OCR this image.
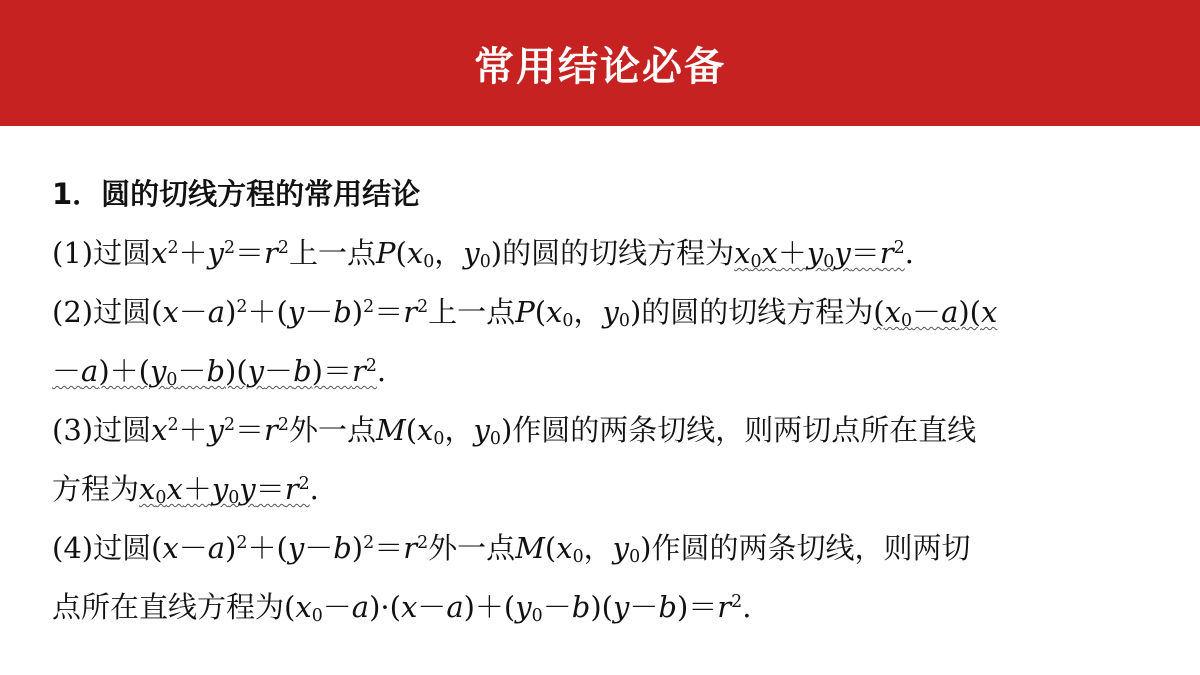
常用结论必备
1．圆的切线方程的常用结论
(1)过圆$x^2+y^2=r^2$上一点$P(x_0$，$y_0$)的圆的切线方程为$x_0x+y_0y=r^2$.
(2)过圆$(x-a)^2+(y-b)^2=r^2$上一点$P(x_0$，$y_0$)的圆的切线方程为$(x_0-a)(x$
$-a)+(y_0-b)(y-b)=r^2$.
(3)过圆$x^2+y^2=r^2$外一点$M(x_0$，$y_0$)作圆的两条切线，则两切点所在直线
方程为$x_0x+y_0y=r^2$.
(4)过圆$(x-a)^2+(y-b)^2=r^2$外一点$M(x_0$，$y_0$)作圆的两条切线，则两切
点所在直线方程为$(x_0-a)\cdot(x-a)+(y_0-b)(y-b)=r^2$.
